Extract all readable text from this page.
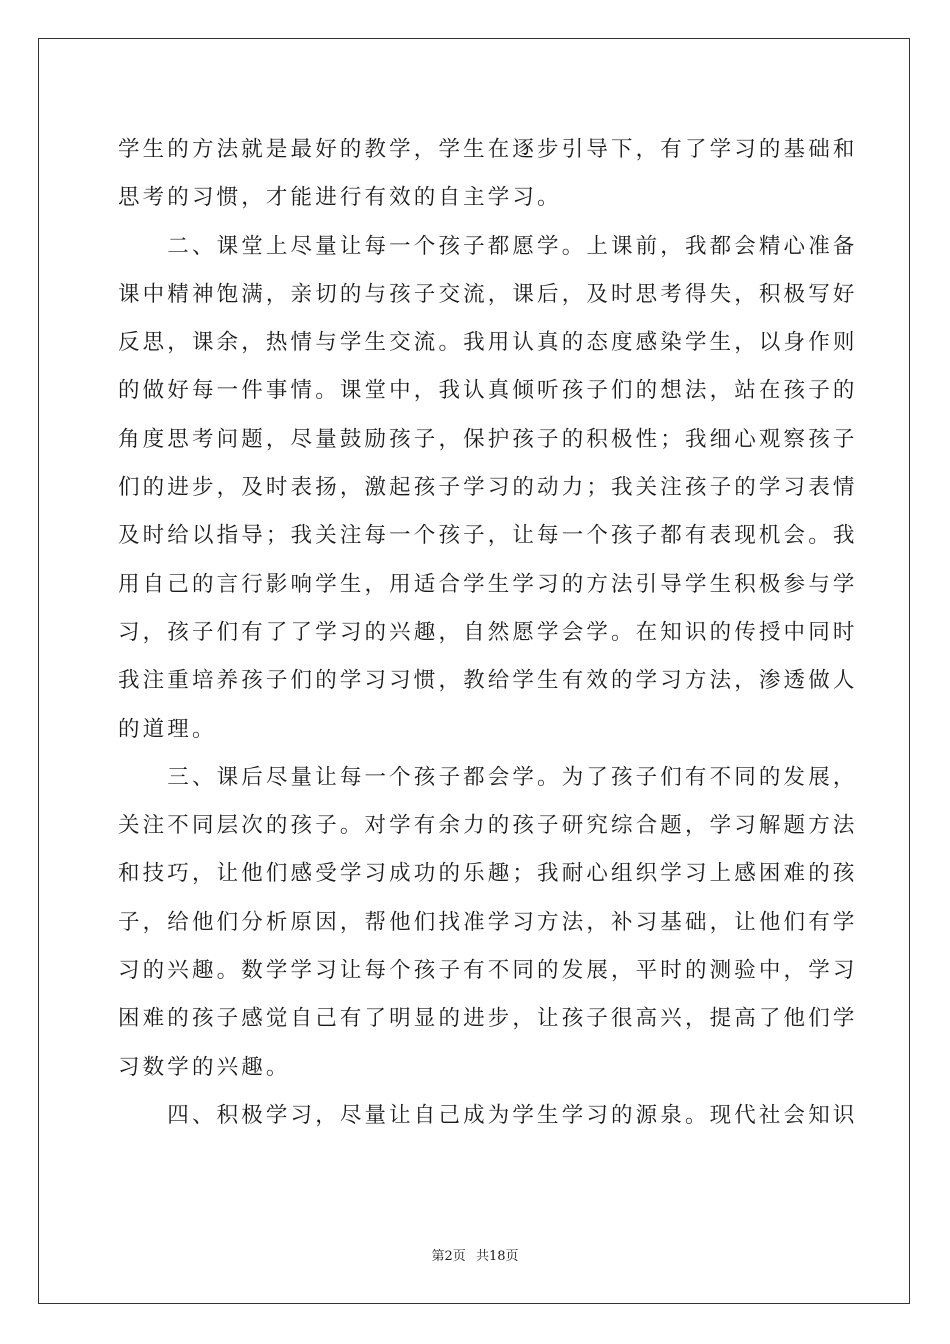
学生的方法就是最好的教学，学生在逐步引导下，有了学习的基础和
思考的习惯，才能进行有效的自主学习。
　　二、课堂上尽量让每一个孩子都愿学。上课前，我都会精心准备
课中精神饱满，亲切的与孩子交流，课后，及时思考得失，积极写好
反思，课余，热情与学生交流。我用认真的态度感染学生，以身作则
的做好每一件事情。课堂中，我认真倾听孩子们的想法，站在孩子的
角度思考问题，尽量鼓励孩子，保护孩子的积极性；我细心观察孩子
们的进步，及时表扬，激起孩子学习的动力；我关注孩子的学习表情
及时给以指导；我关注每一个孩子，让每一个孩子都有表现机会。我
用自己的言行影响学生，用适合学生学习的方法引导学生积极参与学
习，孩子们有了了学习的兴趣，自然愿学会学。在知识的传授中同时
我注重培养孩子们的学习习惯，教给学生有效的学习方法，渗透做人
的道理。
　　三、课后尽量让每一个孩子都会学。为了孩子们有不同的发展，
关注不同层次的孩子。对学有余力的孩子研究综合题，学习解题方法
和技巧，让他们感受学习成功的乐趣；我耐心组织学习上感困难的孩
子，给他们分析原因，帮他们找准学习方法，补习基础，让他们有学
习的兴趣。数学学习让每个孩子有不同的发展，平时的测验中，学习
困难的孩子感觉自己有了明显的进步，让孩子很高兴，提高了他们学
习数学的兴趣。
　　四、积极学习，尽量让自己成为学生学习的源泉。现代社会知识
第2页 共18页
